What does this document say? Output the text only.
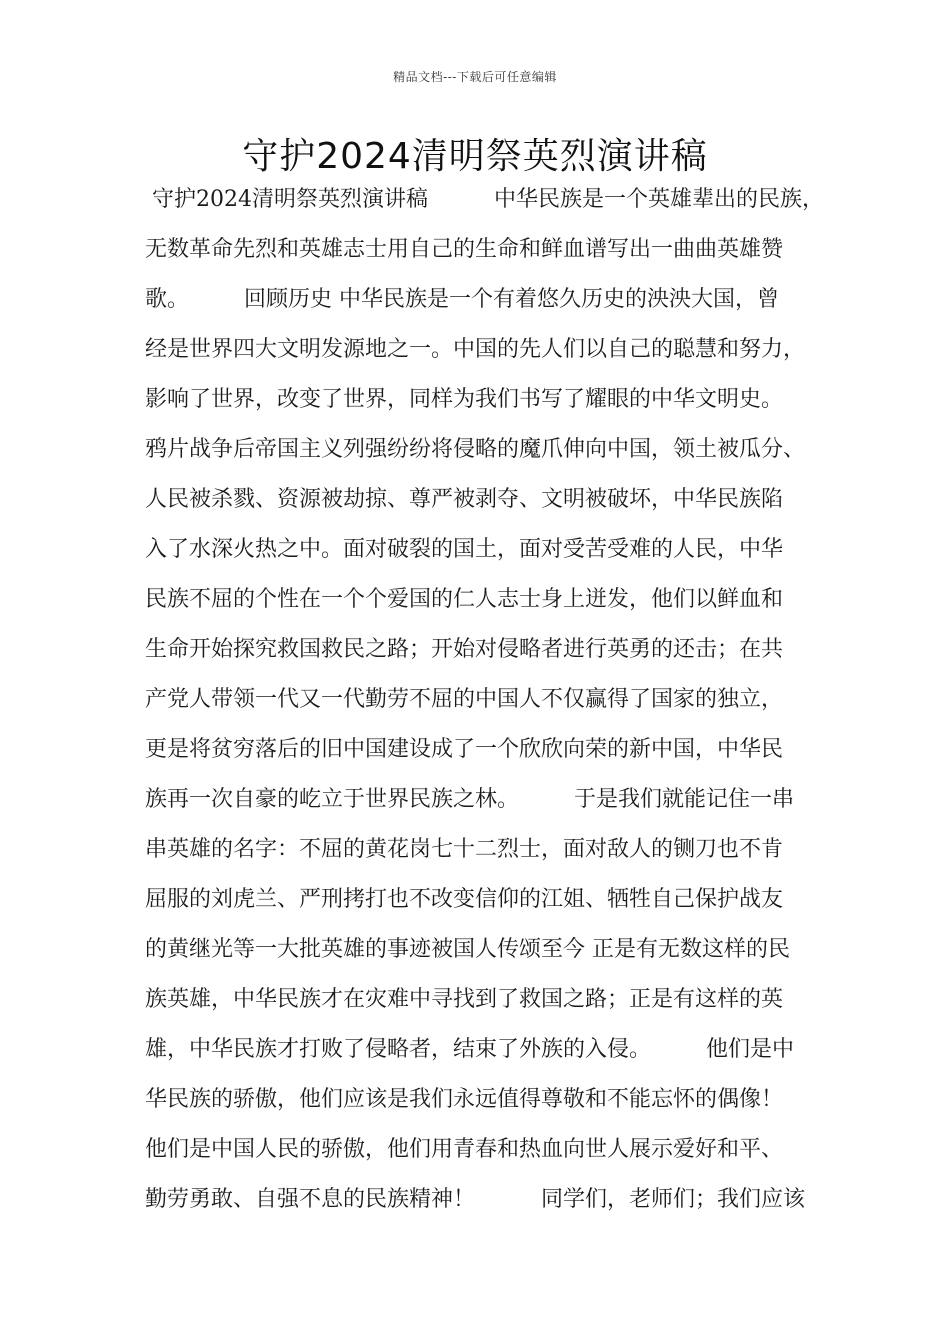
精品文档---下载后可任意编辑
守护2024清明祭英烈演讲稿
守护2024清明祭英烈演讲稿　　　中华民族是一个英雄辈出的民族，
无数革命先烈和英雄志士用自己的生命和鲜血谱写出一曲曲英雄赞
歌。　　　回顾历史 中华民族是一个有着悠久历史的泱泱大国，曾
经是世界四大文明发源地之一。中国的先人们以自己的聪慧和努力，
影响了世界，改变了世界，同样为我们书写了耀眼的中华文明史。
鸦片战争后帝国主义列强纷纷将侵略的魔爪伸向中国，领土被瓜分、
人民被杀戮、资源被劫掠、尊严被剥夺、文明被破坏，中华民族陷
入了水深火热之中。面对破裂的国土，面对受苦受难的人民，中华
民族不屈的个性在一个个爱国的仁人志士身上迸发，他们以鲜血和
生命开始探究救国救民之路；开始对侵略者进行英勇的还击；在共
产党人带领一代又一代勤劳不屈的中国人不仅赢得了国家的独立，
更是将贫穷落后的旧中国建设成了一个欣欣向荣的新中国，中华民
族再一次自豪的屹立于世界民族之林。　　　于是我们就能记住一串
串英雄的名字：不屈的黄花岗七十二烈士，面对敌人的铡刀也不肯
屈服的刘虎兰、严刑拷打也不改变信仰的江姐、牺牲自己保护战友
的黄继光等一大批英雄的事迹被国人传颂至今 正是有无数这样的民
族英雄，中华民族才在灾难中寻找到了救国之路；正是有这样的英
雄，中华民族才打败了侵略者，结束了外族的入侵。　　　他们是中
华民族的骄傲，他们应该是我们永远值得尊敬和不能忘怀的偶像！
他们是中国人民的骄傲，他们用青春和热血向世人展示爱好和平、
勤劳勇敢、自强不息的民族精神！　　　同学们，老师们；我们应该
